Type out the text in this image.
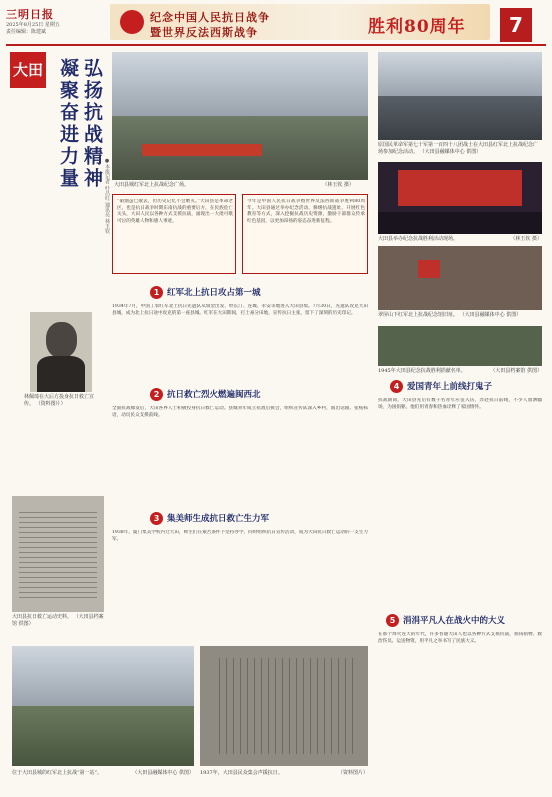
三明日报
2025年8月25日 星期五
责任编辑：陈建斌
纪念中国人民抗日战争
暨世界反法西斯战争	胜利80周年	7
大田 弘扬抗战精神
凝聚奋进力量
●本报记者 叶昌红 通讯员 林玉钦 大田县城红军北上抗战纪念广场。	（林玉钦 摄）
原国民革命军第七十军第一百四十八团战士在大田县红军北上抗战纪念广场参加纪念活动。 （大田县融媒体中心 供图）
大田县举办纪念抗战胜利活动现场。	（林玉钦 摄）
翠屏山下红军北上抗战纪念馆旧址。 （大田县融媒体中心 供图）
1945年大田县纪念抗战胜利捐献名单。	（大田县档案馆 供图）
“硝烟虽已散去，但历史记忆不会磨灭。”大田县是革命老区，也是抗日战争时期东南抗战的重要后方。在民族危亡关头，大田人民以各种方式支援抗战，涌现出一大批可歌可泣的英雄人物和感人事迹。
今年是中国人民抗日战争暨世界反法西斯战争胜利80周年。大田县通过举办纪念活动、修缮抗战遗址、开展红色教育等方式，深入挖掘抗战历史资源，激励干部群众传承红色基因，以更加昂扬的姿态奋进新征程。
林佩琦在大后方投身抗日救亡宣传。 （资料图片）
大田县抗日救亡运动史料。 （大田县档案馆 供图）
1 红军北上抗日攻占第一城
1934年7月，中国工农红军北上抗日先遣队从瑞金出发，经长汀、连城、永安等地进入大田县境。7月30日，先遣队攻克大田县城，成为北上抗日途中攻克的第一座县城。红军在大田期间，打土豪分田地，宣传抗日主张，留下了深刻的历史印记。
2 抗日救亡烈火燃遍闽西北
全面抗战爆发后，大田各界人士积极投身抗日救亡运动。县城青年成立抗敌后援会，组织宣传队深入乡村，演出话剧、张贴标语，动员民众支援前线。
3 集美师生成抗日救亡生力军
1938年，厦门集美学校内迁大田，师生们在艰苦条件下坚持办学，同时组织抗日宣传活动，成为大田抗日救亡运动的一支生力军。
4 爱国青年上前线打鬼子
抗战期间，大田县先后有数千名青年应征入伍，奔赴抗日前线，不少人血洒疆场，为国捐躯。他们用青春和热血诠释了家国情怀。
5 涓涓平凡人在战火中的大义
在那个烽火连天的年代，许多普通大田人也以各种方式支援抗战，捐钱捐物、救治伤员、运送物资，用平凡之举书写了民族大义。
位于大田县城的红军北上抗战“第一站”。	（大田县融媒体中心 供图） 1937年，大田县民众集会声援抗日。	（资料图片）
